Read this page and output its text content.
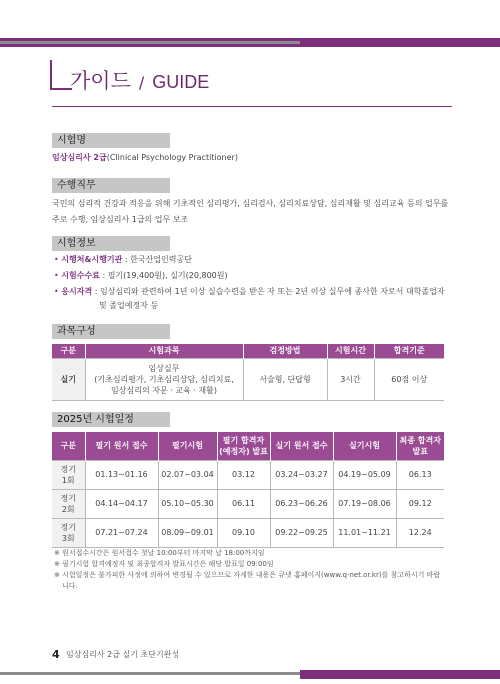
가이드 / GUIDE
시험명
임상심리사 2급(Clinical Psychology Practitioner)
수행직무
국민의 심리적 건강과 적응을 위해 기초적인 심리평가, 심리검사, 심리치료상담, 심리재활 및 심리교육 등의 업무를
주로 수행, 임상심리사 1급의 업무 보조
시험정보
• 시행처&시행기관 : 한국산업인력공단
• 시험수수료 : 필기(19,400원), 실기(20,800원)
• 응시자격 : 임상심리와 관련하여 1년 이상 실습수련을 받은 자 또는 2년 이상 실무에 종사한 자로서 대학졸업자
및 졸업예정자 등
과목구성
구분	시험과목	검정방법	시험시간	합격기준
실기	임상실무
(기초심리평가, 기초심리상담, 심리치료,
임상심리의 자문 · 교육 · 재활)	서술형, 단답형	3시간	60점 이상
2025년 시험일정
구분	필기 원서 접수	필기시험	필기 합격자
(예정자) 발표	실기 원서 접수	실기시험	최종 합격자
발표
정기
1회	01.13~01.16	02.07~03.04	03.12	03.24~03.27	04.19~05.09	06.13
정기
2회	04.14~04.17	05.10~05.30	06.11	06.23~06.26	07.19~08.06	09.12
정기
3회	07.21~07.24	08.09~09.01	09.10	09.22~09.25	11.01~11.21	12.24
※ 원서접수시간은 원서접수 첫날 10:00부터 마지막 날 18:00까지임
※ 필기시험 합격예정자 및 최종합격자 발표시간은 해당 발표일 09:00임
※ 시험일정은 불가피한 사정에 의하여 변경될 수 있으므로 자세한 내용은 큐넷 홈페이지(www.q-net.or.kr)를 참고하시기 바랍
니다.
4 임상심리사 2급 실기 초단기완성
